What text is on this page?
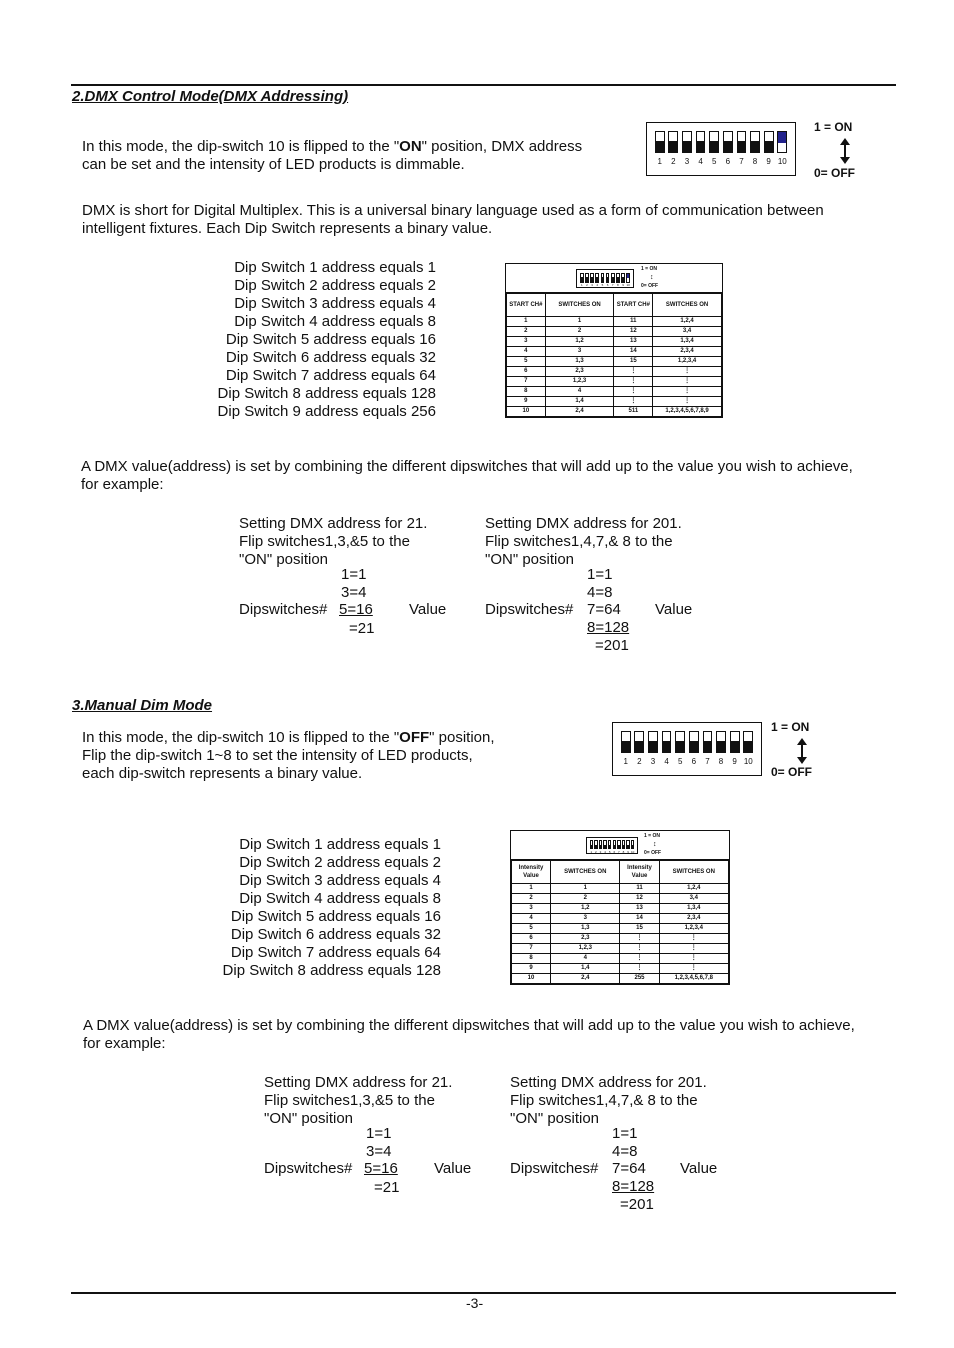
2.DMX Control Mode(DMX Addressing)
In this mode, the dip-switch 10 is flipped to the "ON" position, DMX address
can be set and the intensity of LED products is dimmable.	1	2	3	4	5	6	7	8	9 10
1 = ON
0= OFF
DMX is short for Digital Multiplex. This is a universal binary language used as a form of communication between
intelligent fixtures. Each Dip Switch represents a binary value.
Dip Switch 1 address equals 1
Dip Switch 2 address equals 2
Dip Switch 3 address equals 4
Dip Switch 4 address equals 8
Dip Switch 5 address equals 16
Dip Switch 6 address equals 32
Dip Switch 7 address equals 64
Dip Switch 8 address equals 128
Dip Switch 9 address equals 256
1	2	3	4	5	6	7	8	9 10
1 = ON
↕
0= OFF
START CH#	SWITCHES ON	START CH#	SWITCHES ON
1	1	11	1,2,4
2	2	12	3,4
3	1,2	13	1,3,4
4	3	14	2,3,4
5	1,3	15	1,2,3,4
6	2,3	⋮	⋮
7	1,2,3	⋮	⋮
8	4	⋮	⋮
9	1,4	⋮	⋮
10	2,4	511	1,2,3,4,5,6,7,8,9
A DMX value(address) is set by combining the different dipswitches that will add up to the value you wish to achieve,
for example:
Setting DMX address for 21.
Flip switches1,3,&5 to the
"ON" position
1=1
3=4
Dipswitches# 5=16 Value
=21
Setting DMX address for 201.
Flip switches1,4,7,& 8 to the
"ON" position
1=1
4=8
Dipswitches# 7=64 Value
8=128
=201
3.Manual Dim Mode
In this mode, the dip-switch 10 is flipped to the "OFF" position,
Flip the dip-switch 1~8 to set the intensity of LED products,
each dip-switch represents a binary value.
1	2	3	4	5	6	7	8	9 10
1 = ON
0= OFF
Dip Switch 1 address equals 1
Dip Switch 2 address equals 2
Dip Switch 3 address equals 4
Dip Switch 4 address equals 8
Dip Switch 5 address equals 16
Dip Switch 6 address equals 32
Dip Switch 7 address equals 64
Dip Switch 8 address equals 128
1 2 3 4 5 6 7 8 9 10
1 = ON
↕
0= OFF
Intensity Value	SWITCHES ON	Intensity Value	SWITCHES ON
1	1	11	1,2,4
2	2	12	3,4
3	1,2	13	1,3,4
4	3	14	2,3,4
5	1,3	15	1,2,3,4
6	2,3	⋮	⋮
7	1,2,3	⋮	⋮
8	4	⋮	⋮
9	1,4	⋮	⋮
10	2,4	255	1,2,3,4,5,6,7,8
A DMX value(address) is set by combining the different dipswitches that will add up to the value you wish to achieve,
for example:
Setting DMX address for 21.
Flip switches1,3,&5 to the
"ON" position
1=1
3=4
Dipswitches# 5=16 Value
=21
Setting DMX address for 201.
Flip switches1,4,7,& 8 to the
"ON" position
1=1
4=8
Dipswitches# 7=64 Value
8=128
=201
-3-
